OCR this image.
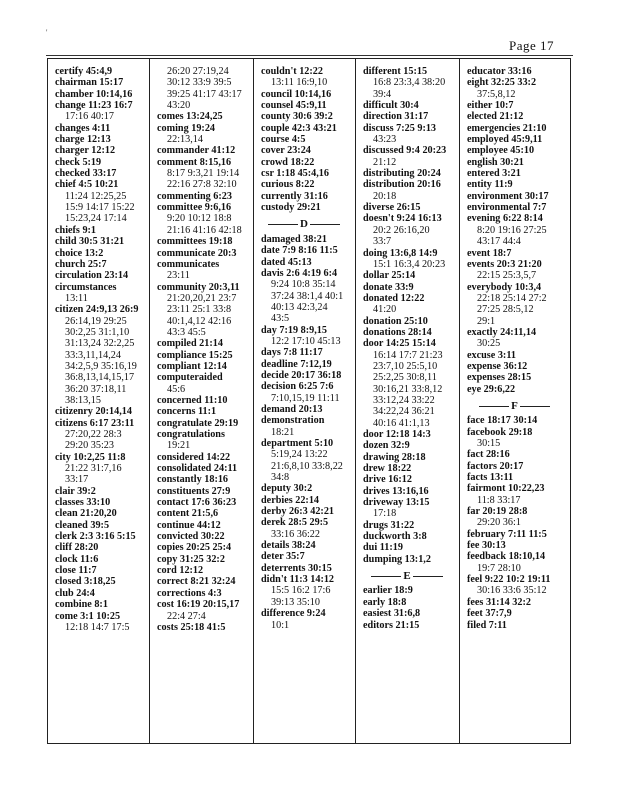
'
Page 17
certify 45:4,9
chairman 15:17
chamber 10:14,16
change 11:23 16:7
17:16 40:17
changes 4:11
charge 12:13
charger 12:12
check 5:19
checked 33:17
chief 4:5 10:21
11:24 12:25,25
15:9 14:17 15:22
15:23,24 17:14
chiefs 9:1
child 30:5 31:21
choice 13:2
church 25:7
circulation 23:14
circumstances
13:11
citizen 24:9,13 26:9
26:14,19 29:25
30:2,25 31:1,10
31:13,24 32:2,25
33:3,11,14,24
34:2,5,9 35:16,19
36:8,13,14,15,17
36:20 37:18,11
38:13,15
citizenry 20:14,14
citizens 6:17 23:11
27:20,22 28:3
29:20 35:23
city 10:2,25 11:8
21:22 31:7,16
33:17
clair 39:2
classes 33:10
clean 21:20,20
cleaned 39:5
clerk 2:3 3:16 5:15
cliff 28:20
clock 11:6
close 11:7
closed 3:18,25
club 24:4
combine 8:1
come 3:1 10:25
12:18 14:7 17:5
26:20 27:19,24
30:12 33:9 39:5
39:25 41:17 43:17
43:20
comes 13:24,25
coming 19:24
22:13,14
commander 41:12
comment 8:15,16
8:17 9:3,21 19:14
22:16 27:8 32:10
commenting 6:23
committee 9:6,16
9:20 10:12 18:8
21:16 41:16 42:18
committees 19:18
communicate 20:3
communicates
23:11
community 20:3,11
21:20,20,21 23:7
23:11 25:1 33:8
40:1,4,12 42:16
43:3 45:5
compiled 21:14
compliance 15:25
compliant 12:14
computeraided
45:6
concerned 11:10
concerns 11:1
congratulate 29:19
congratulations
19:21
considered 14:22
consolidated 24:11
constantly 18:16
constituents 27:9
contact 17:6 36:23
content 21:5,6
continue 44:12
convicted 30:22
copies 20:25 25:4
copy 31:25 32:2
cord 12:12
correct 8:21 32:24
corrections 4:3
cost 16:19 20:15,17
22:4 27:4
costs 25:18 41:5
couldn't 12:22
13:11 16:9,10
council 10:14,16
counsel 45:9,11
county 30:6 39:2
couple 42:3 43:21
course 4:5
cover 23:24
crowd 18:22
csr 1:18 45:4,16
curious 8:22
currently 31:16
custody 29:21
D
damaged 38:21
date 7:9 8:16 11:5
dated 45:13
davis 2:6 4:19 6:4
9:24 10:8 35:14
37:24 38:1,4 40:1
40:13 42:3,24
43:5
day 7:19 8:9,15
12:2 17:10 45:13
days 7:8 11:17
deadline 7:12,19
decide 20:17 36:18
decision 6:25 7:6
7:10,15,19 11:11
demand 20:13
demonstration
18:21
department 5:10
5:19,24 13:22
21:6,8,10 33:8,22
34:8
deputy 30:2
derbies 22:14
derby 26:3 42:21
derek 28:5 29:5
33:16 36:22
details 38:24
deter 35:7
deterrents 30:15
didn't 11:3 14:12
15:5 16:2 17:6
39:13 35:10
difference 9:24
10:1
different 15:15
16:8 23:3,4 38:20
39:4
difficult 30:4
direction 31:17
discuss 7:25 9:13
43:23
discussed 9:4 20:23
21:12
distributing 20:24
distribution 20:16
20:18
diverse 26:15
doesn't 9:24 16:13
20:2 26:16,20
33:7
doing 13:6,8 14:9
15:1 16:3,4 20:23
dollar 25:14
donate 33:9
donated 12:22
41:20
donation 25:10
donations 28:14
door 14:25 15:14
16:14 17:7 21:23
23:7,10 25:5,10
25:2,25 30:8,11
30:16,21 33:8,12
33:12,24 33:22
34:22,24 36:21
40:16 41:1,13
door 12:18 14:3
dozen 32:9
drawing 28:18
drew 18:22
drive 16:12
drives 13:16,16
driveway 13:15
17:18
drugs 31:22
duckworth 3:8
dui 11:19
dumping 13:1,2
E
earlier 18:9
early 18:8
easiest 31:6,8
editors 21:15
educator 33:16
eight 32:25 33:2
37:5,8,12
either 10:7
elected 21:12
emergencies 21:10
employed 45:9,11
employee 45:10
english 30:21
entered 3:21
entity 11:9
environment 30:17
environmental 7:7
evening 6:22 8:14
8:20 19:16 27:25
43:17 44:4
event 18:7
events 20:3 21:20
22:15 25:3,5,7
everybody 10:3,4
22:18 25:14 27:2
27:25 28:5,12
29:1
exactly 24:11,14
30:25
excuse 3:11
expense 36:12
expenses 28:15
eye 29:6,22
F
face 18:17 30:14
facebook 29:18
30:15
fact 28:16
factors 20:17
facts 13:11
fairmont 10:22,23
11:8 33:17
far 20:19 28:8
29:20 36:1
february 7:11 11:5
fee 30:13
feedback 18:10,14
19:7 28:10
feel 9:22 10:2 19:11
30:16 33:6 35:12
fees 31:14 32:2
feet 37:7,9
filed 7:11
